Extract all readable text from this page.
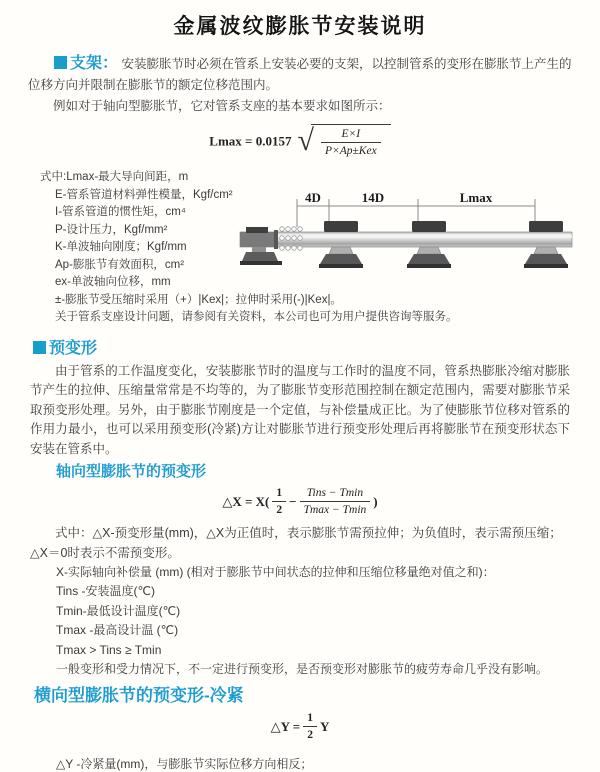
金属波纹膨胀节安装说明

支架： 安装膨胀节时必须在管系上安装必要的支架，以控制管系的变形在膨胀节上产生的位移方向并限制在膨胀节的额定位移范围内。

例如对于轴向型膨胀节，它对管系支座的基本要求如图所示：

Lmax = 0.0157 √ $\frac{E\times I}{\text{P×Ap±Kex}}$
式中:Lmax-最大导向间距，m
E-管系管道材料弹性模量，Kgf/cm²
I-管系管道的惯性矩，cm⁴
P-设计压力，Kgf/mm²
K-单波轴向刚度；Kgf/mm
Ap-膨胀节有效面积，cm²
ex-单波轴向位移，mm
±-膨胀节受压缩时采用（+）|Kex|；拉伸时采用(-)|Kex|。
关于管系支座设计问题，请参阅有关资料，本公司也可为用户提供咨询等服务。
4D	14D	Lmax
预变形

由于管系的工作温度变化，安装膨胀节时的温度与工作时的温度不同，管系热膨胀冷缩对膨胀节产生的拉伸、压缩量常常是不均等的，为了膨胀节变形范围控制在额定范围内，需要对膨胀节采取预变形处理。另外，由于膨胀节刚度是一个定值，与补偿量成正比。为了使膨胀节位移对管系的作用力最小，也可以采用预变形(冷紧)方让对膨胀节进行预变形处理后再将膨胀节在预变形状态下安装在管系中。

轴向型膨胀节的预变形
△X = $X( \frac{1}{2} - \frac{\text{Tins − Tmin}}{Tmax - Tmin}$ )

式中：△X-预变形量(mm)，△X为正值时，表示膨胀节需预拉伸；为负值时，表示需预压缩；△X＝0时表示不需预变形。

X-实际轴向补偿量 (mm) (相对于膨胀节中间状态的拉伸和压缩位移量绝对值之和)：
Tins -安装温度(℃)
Tmin-最低设计温度(℃)
Tmax -最高设计温 (℃)
Tmax > Tins ≥ Tmin
一般变形和受力情况下，不一定进行预变形，是否预变形对膨胀节的疲劳寿命几乎没有影响。
横向型膨胀节的预变形-冷紧
△Y = $\frac{1}{2}$ Y
△Y -冷紧量(mm)，与膨胀节实际位移方向相反；
